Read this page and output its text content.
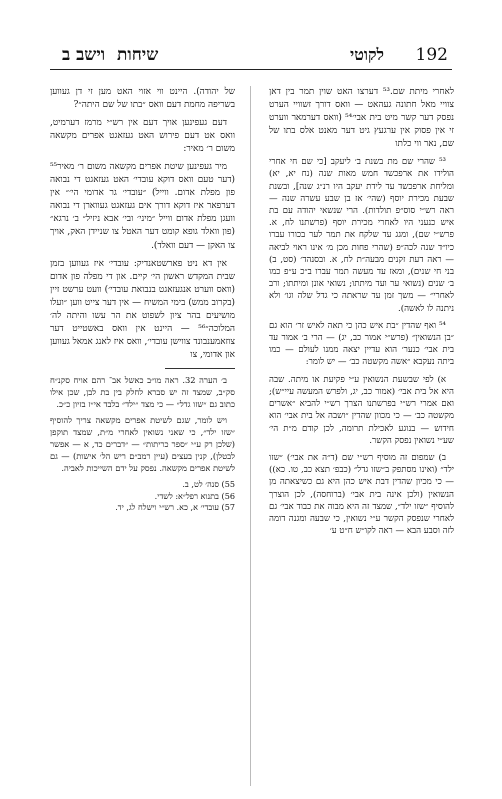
192
לקוטי
שיחות  וישב ב

לאחרי מיתת שם.⁵³ דערצו האט שוין תמר בין דאן צוויי מאל חתונה געהאט — וואס דורך זשוויי הערט נפסק דער קשר מיט בית אבי׳⁵⁴ (וואס דערמאר ווערט זי אין פסוק אין ערגעץ גיט דער מאנט אלס בתו של שם, נאר ווי כלתו

⁵³ שהרי שם מת בשנת ב׳ ליעקב [כי שם חי אחרי הולידו את ארפכשד חמש מאות שנה (נח יא, יא) ומליחת ארפכשד עד לידת יעקב היו רנ״ג שנה], ובשנת שבעת מכירת יוסף (שהי׳ אז בן שבע עשרה שנה — ראה רש״י סוס״פ תולדות). הרי שנשאי יהודה עם בת איש כנעני היו לאחרי מכירת יוסף (פרשתנו לח, א. פרש״י שם), ומגג עד שלקח את תמר לער בכורו עברו כיו״ד שנה לכה״פ (שהרי פחות מכן מ׳ אינו ראוי לביאה — ראה דעת זקנים מבעה״ת לח, א. ובסנהד׳ (סט, ב) בני חי שנים), ומאז עד מעשה תמר עברו ב״כ ע״פ כמו ב׳ שנים (נשואי ער ועד מיתתו; נשואי אונן ומיתתו; ורב לאחרי״ — משך זמן עד שראתה כי גדל שלה וגו׳ ולא ניתנה לו לאשה).

⁵⁴ ואף שהדין ״בת איש כהן כי תאה לאיש זר׳ הוא גם ״בן הנשואין״ (פרש״י אמור כב, יג) — הרי ב׳ אמור עד בית אבי׳ כנער׳ הוא עדיין יצאה ממנו לעולם — כמו ביתה נעקבא ״אשה מקשטה כב׳ — יש לומר:

א) לפי שבשעת הנשואין ע״י פקיעת או מיתה. שבה היא אל בית אבי׳ (אמור כב, יג, ולפרש המעשה עיי״ש); ואם אמרי רש״י בפרשתנו הצרך רש״י להביא ״אשרים מקשטה כב׳ — כי מכוון שהדין ״ושבה אל בית אבי׳ הוא חידוש — בנוגע לאכילת תרומה, לכן קודם מ״ת הי׳ שע״י נשואין נפסק הקשר.

ב) שמפום זה מוסיף רש״י שם (ד״ה את אבי׳) ״שזו ילד״ (ואינו מסתפק ב״שזו גדל״ (כבפ׳ תצא כב, טו. כא)) — כי מכיון שהדין דבת איש כהן היא גם כשיצאתה מן הנשואין (ולכן אינה בית אבי׳ (ברוחסה), לכן הוצרך להוסיף ״שזו ילד״, שמצד זה היא מבוה את כבוד אבי׳ גם לאחרי שנפסק הקשר ע״י נשואין, כי שבעה ומגנה דומה לזה וסבע הבא — ראה לקו״ש ח״ט ע׳

של יהודה). היינט ווי אזוי האט מען זי דן געווען בשריפה מחמת דעם וואס ״בתו של שם היתה״?

דעם געפינען אויך דעם אין רש״י מרמז דערמיט, וואס אט דעם פירוש האט געזאגט אפרים מקשאה משום ר׳ מאיר:

מיר געפינען שיטת אפרים מקשאה משום ר׳ מאיר⁵⁵ (דער טעם וואס דוקא עובדי׳ האט געזאגט די נבואה פון מפלת אדום. ווייל) ״עובדי׳ גר אדומי הי׳״ אין דערפאר איז דוקא דורך אים געזאגט געווארן די נבואה וועגן מפלת אדום ווייל ״מיני׳ ובי׳ אבא ניזיל״ ב׳ נרגא״ (פון וואלד גופא קומט דער האטל צו שניידן האק, אויך צו האקן — דעם וואלד).

אין דא ניט פארשטאנדיק: עובדי׳ איז געווען בזמן שבית המקדש ראשון הי׳ קיים. און די מפלה פון אדום (וואס ווערט אנגעזאגט בנבואת עובדי׳) וועט ערשט זיין (בקרוב ממש) בימי המשיח — אין דער צייט ווען ״ועלו מושיעים בהר ציון לשפוט את הר עשו והיתה לה׳ המלוכה״⁵⁶ — היינט אין וואס באשטייט דער צוזאמענבונד צווישן עובדי׳, וואס איז לאנג אמאל געווען און אדומי, צו

ב׳ הערה 32. ראה מו״ב כאשל אב־ רהם אויח סקנ״ח סק״ב, שמצד זה יש סברא לחלק בין בת לבן, שכן אילו כתוב גם ״שזו גדל״ — כי מצד ״ילד״ בלבד אי״ז בזיון כ״כ.

ויש לומר, שגם לשיטת אפרים מקשאה צריך להוסיף ״שזו ילד״, כי שאני נשואין לאחרי מ״ת, שמצד תוקפן (שלכן רק ע״י ״ספר כריתות״ — ״דברים כד, א — אפשר לבטלן), קנין בעצים (עיין רמב״ם ריש הל׳ אישות) — גם לשיטת אפרים מקשאה. נפסק על ידם השייכות לאביה.

55) סנה׳ לט, ב.

56) בתנוא רפל״א: לשדי.

57) עובדי׳ א, כא. רש״י וישלח לג, יד.
